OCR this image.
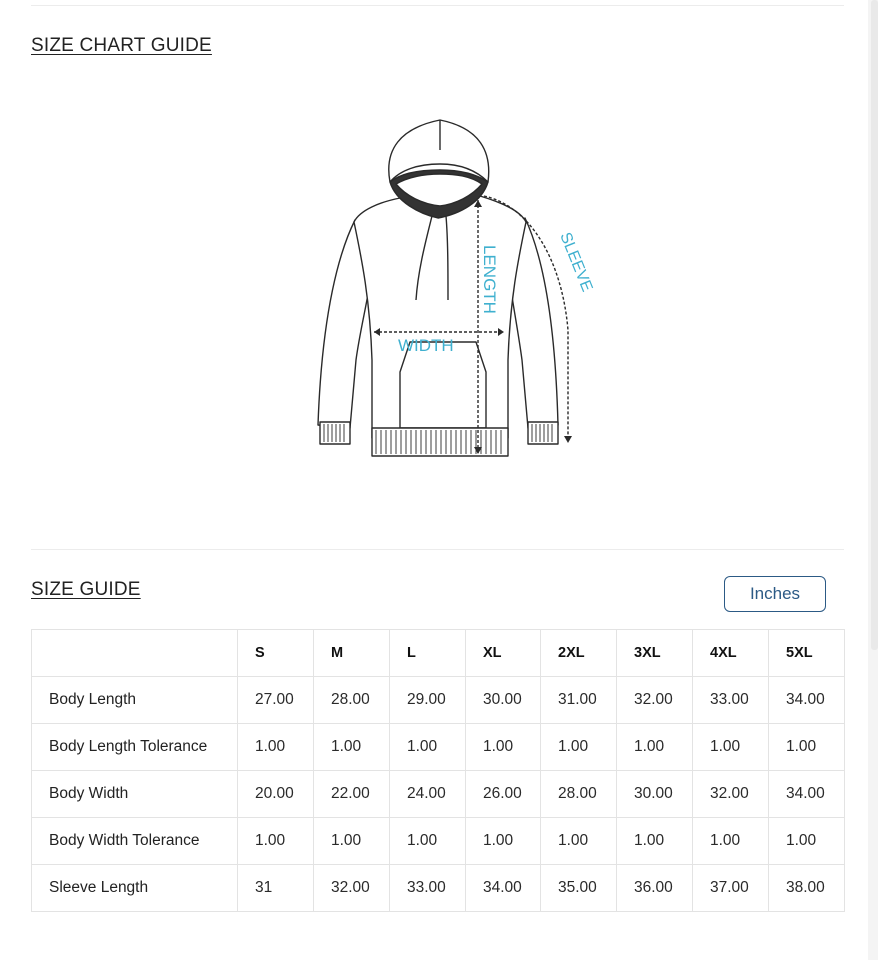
SIZE CHART GUIDE
WIDTH
LENGTH	SLEEVE
SIZE GUIDE	Inches
	S	M	L	XL	2XL	3XL	4XL	5XL
Body Length	27.00	28.00	29.00	30.00	31.00	32.00	33.00	34.00
Body Length Tolerance	1.00	1.00	1.00	1.00	1.00	1.00	1.00	1.00
Body Width	20.00	22.00	24.00	26.00	28.00	30.00	32.00	34.00
Body Width Tolerance	1.00	1.00	1.00	1.00	1.00	1.00	1.00	1.00
Sleeve Length	31	32.00	33.00	34.00	35.00	36.00	37.00	38.00
